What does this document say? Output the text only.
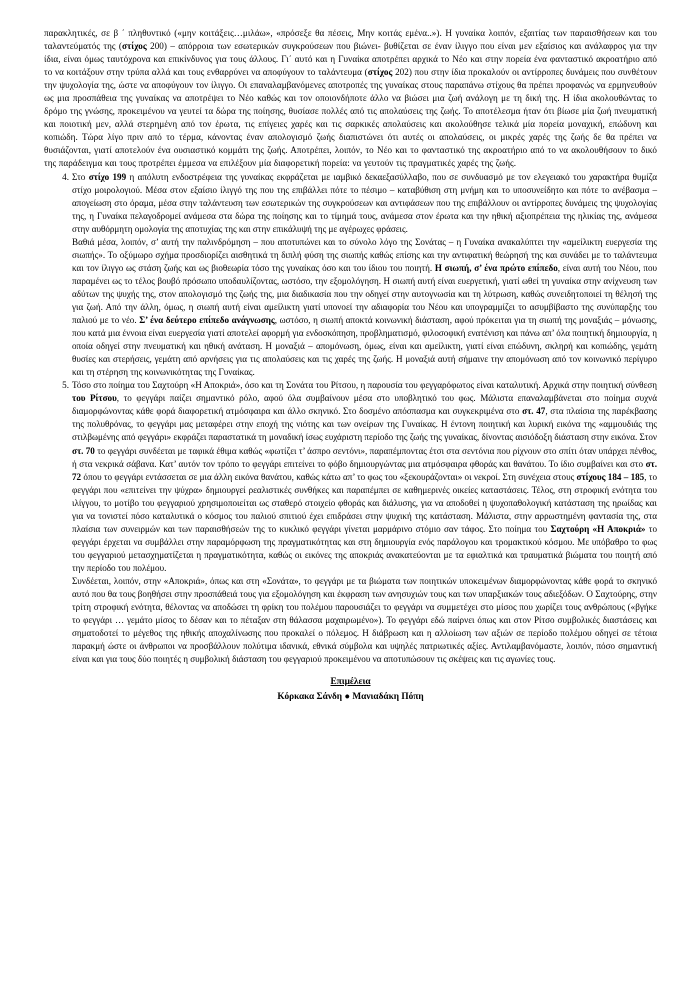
παρακλητικές, σε β ΄ πληθυντικό («μην κοιτάξεις…μιλάω», «πρόσεξε θα πέσεις, Μην κοιτάς εμένα..»). Η γυναίκα λοιπόν, εξαιτίας των παραισθήσεων και του ταλαντεύματός της (στίχος 200) – απόρροια των εσωτερικών συγκρούσεων που βιώνει- βυθίζεται σε έναν ίλιγγο που είναι μεν εξαίσιος και ανάλαφρος για την ίδια, είναι όμως ταυτόχρονα και επικίνδυνος για τους άλλους. Γι΄ αυτό και η Γυναίκα αποτρέπει αρχικά το Νέο και στην πορεία ένα φανταστικό ακροατήριο από το να κοιτάξουν στην τρύπα αλλά και τους ενθαρρύνει να αποφύγουν το ταλάντευμα (στίχος 202) που στην ίδια προκαλούν οι αντίρροπες δυνάμεις που συνθέτουν την ψυχολογία της, ώστε να αποφύγουν τον ίλιγγο. Οι επαναλαμβανόμενες αποτροπές της γυναίκας στους παραπάνω στίχους θα πρέπει προφανώς να ερμηνευθούν ως μια προσπάθεια της γυναίκας να αποτρέψει το Νέο καθώς και τον οποιονδήποτε άλλο να βιώσει μια ζωή ανάλογη με τη δική της. Η ίδια ακολουθώντας το δρόμο της γνώσης, προκειμένου να γευτεί τα δώρα της ποίησης, θυσίασε πολλές από τις απολαύσεις της ζωής. Το αποτέλεσμα ήταν ότι βίωσε μία ζωή πνευματική και ποιοτική μεν, αλλά στερημένη από τον έρωτα, τις επίγειες χαρές και τις σαρκικές απολαύσεις και ακολούθησε τελικά μία πορεία μοναχική, επώδυνη και κοπιώδη. Τώρα λίγο πριν από το τέρμα, κάνοντας έναν απολογισμό ζωής διαπιστώνει ότι αυτές οι απολαύσεις, οι μικρές χαρές της ζωής δε θα πρέπει να θυσιάζονται, γιατί αποτελούν ένα ουσιαστικό κομμάτι της ζωής. Αποτρέπει, λοιπόν, το Νέο και το φανταστικό της ακροατήριο από το να ακολουθήσουν το δικό της παράδειγμα και τους προτρέπει έμμεσα να επιλέξουν μία διαφορετική πορεία: να γευτούν τις πραγματικές χαρές της ζωής.

4. Στο στίχο 199 η απόλυτη ενδοστρέφεια της γυναίκας εκφράζεται με ιαμβικό δεκαεξασύλλαβο, που σε συνδυασμό με τον ελεγειακό του χαρακτήρα θυμίζα στίχο μοιρολογιού. Μέσα στον εξαίσιο ίλιγγό της που της επιβάλλει πότε το πέσιμο – καταβύθιση στη μνήμη και το υποσυνείδητο και πότε το ανέβασμα – απογείωση στο όραμα, μέσα στην ταλάντευση των εσωτερικών της συγκρούσεων και αντιφάσεων που της επιβάλλουν οι αντίρροπες δυνάμεις της ψυχολογίας της, η Γυναίκα πελαγοδρομεί ανάμεσα στα δώρα της ποίησης και το τίμημά τους, ανάμεσα στον έρωτα και την ηθική αξιοπρέπεια της ηλικίας της, ανάμεσα στην αυθόρμητη ομολογία της αποτυχίας της και στην επικάλυψή της με αγέρωχες φράσεις.

Βαθιά μέσα, λοιπόν, σ’ αυτή την παλινδρόμηση – που αποτυπώνει και το σύνολο λόγο της Σονάτας – η Γυναίκα ανακαλύπτει την «αμείλικτη ευεργεσία της σιωπής». Το οξύμωρο σχήμα προσδιορίζει αισθητικά τη διπλή φύση της σιωπής καθώς επίσης και την αντιφατική θεώρησή της και συνάδει με το ταλάντευμα και τον ίλιγγο ως στάση ζωής και ως βιοθεωρία τόσο της γυναίκας όσο και του ίδιου του ποιητή. Η σιωπή, σ’ ένα πρώτο επίπεδο, είναι αυτή του Νέου, που παραμένει ως το τέλος βουβό πρόσωπο υποδαυλίζοντας, ωστόσο, την εξομολόγηση. Η σιωπή αυτή είναι ευεργετική, γιατί ωθεί τη γυναίκα στην ανίχνευση των αδύτων της ψυχής της, στον απολογισμό της ζωής της, μια διαδικασία που την οδηγεί στην αυτογνωσία και τη λύτρωση, καθώς συνειδητοποιεί τη θέλησή της για ζωή. Από την άλλη, όμως, η σιωπή αυτή είναι αμείλικτη γιατί υπονοεί την αδιαφορία του Νέου και υπογραμμίζει το ασυμβίβαστο της συνύπαρξης του παλιού με το νέο. Σ’ ένα δεύτερο επίπεδο ανάγνωσης, ωστόσο, η σιωπή αποκτά κοινωνική διάσταση, αφού πρόκειται για τη σιωπή της μοναξιάς – μόνωσης, που κατά μια έννοια είναι ευεργεσία γιατί αποτελεί αφορμή για ενδοσκόπηση, προβληματισμό, φιλοσοφική ενατένιση και πάνω απ’ όλα ποιητική δημιουργία, η οποία οδηγεί στην πνευματική και ηθική ανάταση. Η μοναξιά – απομόνωση, όμως, είναι και αμείλικτη, γιατί είναι επώδυνη, σκληρή και κοπιώδης, γεμάτη θυσίες και στερήσεις, γεμάτη από αρνήσεις για τις απολαύσεις και τις χαρές της ζωής. Η μοναξιά αυτή σήμαινε την απομόνωση από τον κοινωνικό περίγυρο και τη στέρηση της κοινωνικότητας της Γυναίκας.

5. Τόσο στο ποίημα του Σαχτούρη «Η Αποκριά», όσο και τη Σονάτα του Ρίτσου, η παρουσία του φεγγαρόφωτος είναι καταλυτική. Αρχικά στην ποιητική σύνθεση του Ρίτσου, το φεγγάρι παίζει σημαντικό ρόλο, αφού όλα συμβαίνουν μέσα στο υποβλητικό του φως. Μάλιστα επαναλαμβάνεται στο ποίημα συχνά διαμορφώνοντας κάθε φορά διαφορετική ατμόσφαιρα και άλλο σκηνικό. Στο δοσμένο απόσπασμα και συγκεκριμένα στο στ. 47, στα πλαίσια της παρέκβασης της πολυθρόνας, το φεγγάρι μας μεταφέρει στην εποχή της νιότης και των ονείρων της Γυναίκας. Η έντονη ποιητική και λυρική εικόνα της «αμμουδιάς της στιλβωμένης από φεγγάρι» εκφράζει παραστατικά τη μοναδική ίσως ευχάριστη περίοδο της ζωής της γυναίκας, δίνοντας αισιόδοξη διάσταση στην εικόνα. Στον στ. 70 το φεγγάρι συνδέεται με ταφικά έθιμα καθώς «φωτίζει τ’ άσπρο σεντόνι», παραπέμποντας έτσι στα σεντόνια που ρίχνουν στο σπίτι όταν υπάρχει πένθος, ή στα νεκρικά σάβανα. Κατ’ αυτόν τον τρόπο το φεγγάρι επιτείνει το φόβο δημιουργώντας μια ατμόσφαιρα φθοράς και θανάτου. Το ίδιο συμβαίνει και στο στ. 72 όπου το φεγγάρι εντάσσεται σε μια άλλη εικόνα θανάτου, καθώς κάτω απ’ το φως του «ξεκουράζονται» οι νεκροί. Στη συνέχεια στους στίχους 184 – 185, το φεγγάρι που «επιτείνει την ψύχρα» δημιουργεί ρεαλιστικές συνθήκες και παραπέμπει σε καθημερινές οικείες καταστάσεις. Τέλος, στη στροφική ενότητα του ιλίγγου, το μοτίβο του φεγγαριού χρησιμοποιείται ως σταθερό στοιχείο φθοράς και διάλυσης, για να αποδοθεί η ψυχοπαθολογική κατάσταση της ηρωίδας και για να τονιστεί πόσο καταλυτικά ο κόσμος του παλιού σπιτιού έχει επιδράσει στην ψυχική της κατάσταση. Μάλιστα, στην αρρωστημένη φαντασία της, στα πλαίσια των συνειρμών και των παραισθήσεών της το κυκλικό φεγγάρι γίνεται μαρμάρινο στόμιο σαν τάφος. Στο ποίημα του Σαχτούρη «Η Αποκριά» το φεγγάρι έρχεται να συμβάλλει στην παραμόρφωση της πραγματικότητας και στη δημιουργία ενός παράλογου και τρομακτικού κόσμου. Με υπόβαθρο το φως του φεγγαριού μετασχηματίζεται η πραγματικότητα, καθώς οι εικόνες της αποκριάς ανακατεύονται με τα εφιαλτικά και τραυματικά βιώματα του ποιητή από την περίοδο του πολέμου.

Συνδέεται, λοιπόν, στην «Αποκριά», όπως και στη «Σονάτα», το φεγγάρι με τα βιώματα των ποιητικών υποκειμένων διαμορφώνοντας κάθε φορά το σκηνικό αυτό που θα τους βοηθήσει στην προσπάθειά τους για εξομολόγηση και έκφραση των ανησυχιών τους και των υπαρξιακών τους αδιεξόδων. Ο Σαχτούρης, στην τρίτη στροφική ενότητα, θέλοντας να αποδώσει τη φρίκη του πολέμου παρουσιάζει το φεγγάρι να συμμετέχει στο μίσος που χωρίζει τους ανθρώπους («βγήκε το φεγγάρι … γεμάτο μίσος το δέσαν και το πέταξαν στη θάλασσα μαχαιρωμένο»). Το φεγγάρι εδώ παίρνει όπως και στον Ρίτσο συμβολικές διαστάσεις και σηματοδοτεί το μέγεθος της ηθικής αποχαλίνωσης που προκαλεί ο πόλεμος. Η διάβρωση και η αλλοίωση των αξιών σε περίοδο πολέμου οδηγεί σε τέτοια παρακμή ώστε οι άνθρωποι να προσβάλλουν πολύτιμα ιδανικά, εθνικά σύμβολα και υψηλές πατριωτικές αξίες. Αντιλαμβανόμαστε, λοιπόν, πόσο σημαντική είναι και για τους δύο ποιητές η συμβολική διάσταση του φεγγαριού προκειμένου να αποτυπώσουν τις σκέψεις και τις αγωνίες τους.

Επιμέλεια
Κόρκακα Σάνδη ● Μανιαδάκη Πόπη
